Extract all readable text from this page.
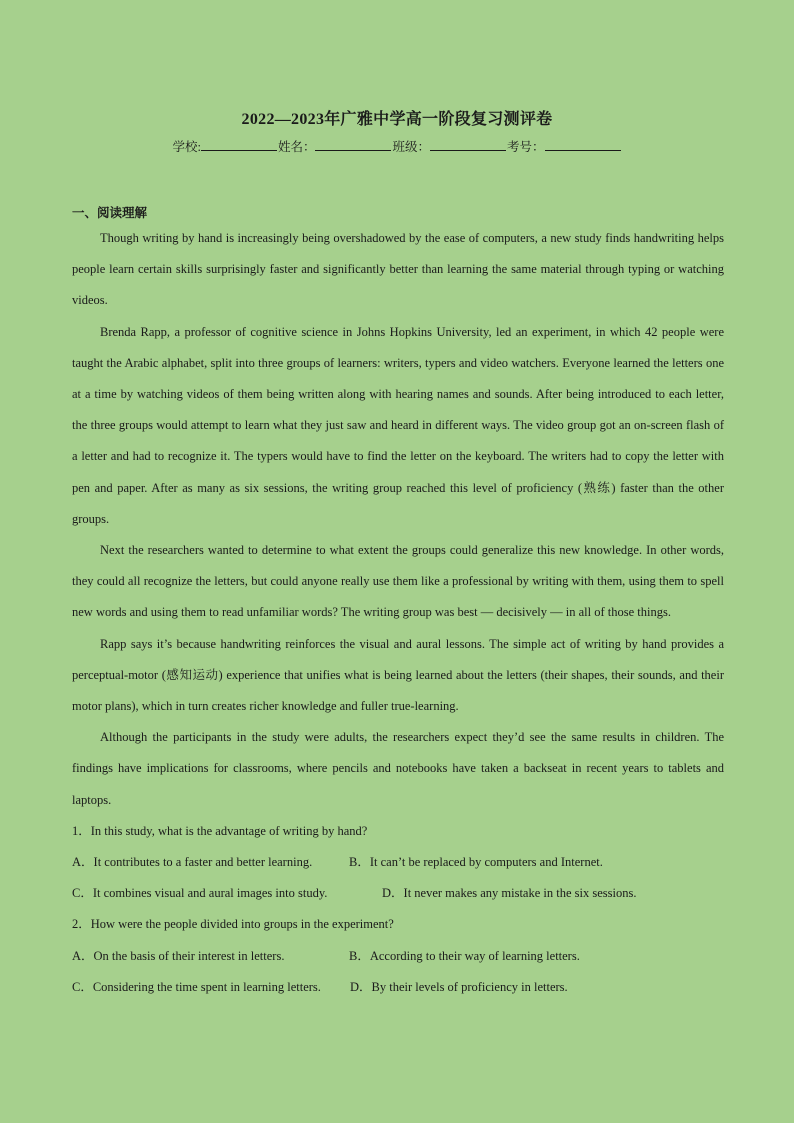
2022—2023年广雅中学高一阶段复习测评卷
学校:	姓名：	班级：	考号：
一、阅读理解

Though writing by hand is increasingly being overshadowed by the ease of computers, a new study finds handwriting helps people learn certain skills surprisingly faster and significantly better than learning the same material through typing or watching videos.

Brenda Rapp, a professor of cognitive science in Johns Hopkins University, led an experiment, in which 42 people were taught the Arabic alphabet, split into three groups of learners: writers, typers and video watchers. Everyone learned the letters one at a time by watching videos of them being written along with hearing names and sounds. After being introduced to each letter, the three groups would attempt to learn what they just saw and heard in different ways. The video group got an on-screen flash of a letter and had to recognize it. The typers would have to find the letter on the keyboard. The writers had to copy the letter with pen and paper. After as many as six sessions, the writing group reached this level of proficiency (熟练) faster than the other groups.

Next the researchers wanted to determine to what extent the groups could generalize this new knowledge. In other words, they could all recognize the letters, but could anyone really use them like a professional by writing with them, using them to spell new words and using them to read unfamiliar words? The writing group was best — decisively — in all of those things.

Rapp says it’s because handwriting reinforces the visual and aural lessons. The simple act of writing by hand provides a perceptual-motor (感知运动) experience that unifies what is being learned about the letters (their shapes, their sounds, and their motor plans), which in turn creates richer knowledge and fuller true-learning.

Although the participants in the study were adults, the researchers expect they’d see the same results in children. The findings have implications for classrooms, where pencils and notebooks have taken a backseat in recent years to tablets and laptops.

1．In this study, what is the advantage of writing by hand?

A．It contributes to a faster and better learning.	B．It can’t be replaced by computers and Internet.

C．It combines visual and aural images into study.	D．It never makes any mistake in the six sessions.

2．How were the people divided into groups in the experiment?

A．On the basis of their interest in letters.	B．According to their way of learning letters.

C．Considering the time spent in learning letters. D．By their levels of proficiency in letters.
